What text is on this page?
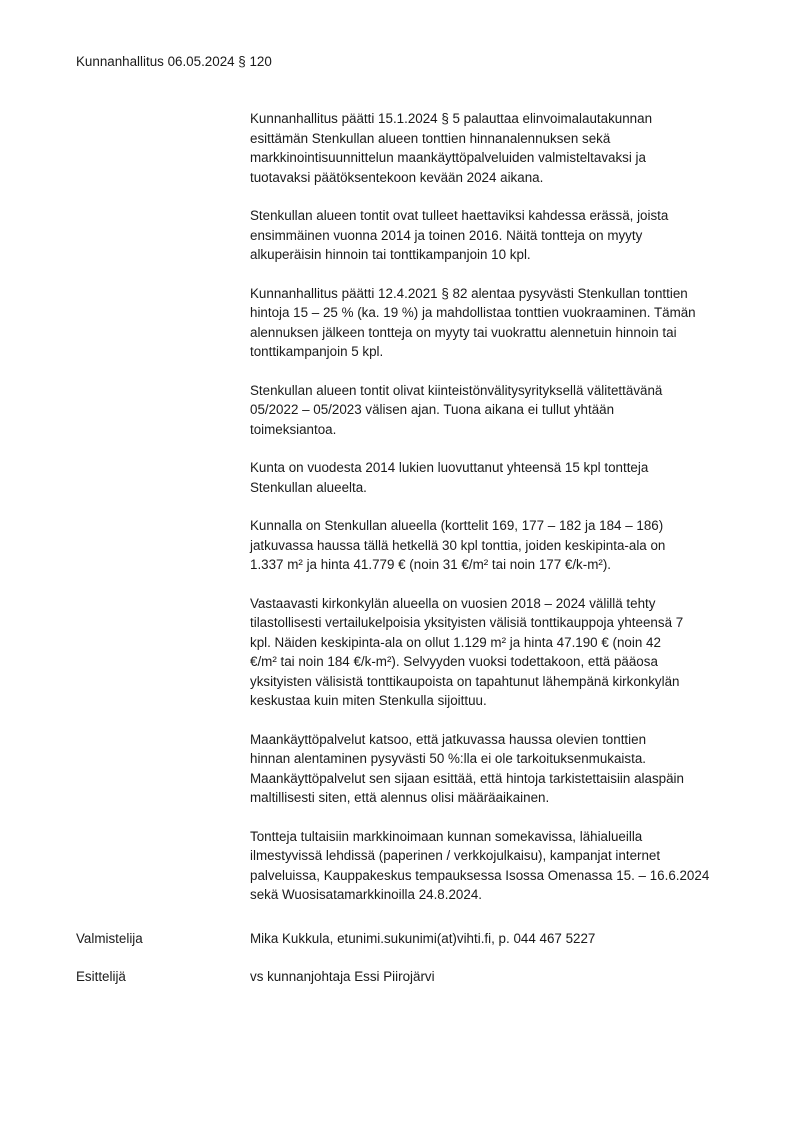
Kunnanhallitus 06.05.2024 § 120

Kunnanhallitus päätti 15.1.2024 § 5 palauttaa elinvoimalautakunnan
esittämän Stenkullan alueen tonttien hinnanalennuksen sekä
markkinointisuunnittelun maankäyttöpalveluiden valmisteltavaksi ja
tuotavaksi päätöksentekoon kevään 2024 aikana.

Stenkullan alueen tontit ovat tulleet haettaviksi kahdessa erässä, joista
ensimmäinen vuonna 2014 ja toinen 2016. Näitä tontteja on myyty
alkuperäisin hinnoin tai tonttikampanjoin 10 kpl.

Kunnanhallitus päätti 12.4.2021 § 82 alentaa pysyvästi Stenkullan tonttien
hintoja 15 – 25 % (ka. 19 %) ja mahdollistaa tonttien vuokraaminen. Tämän
alennuksen jälkeen tontteja on myyty tai vuokrattu alennetuin hinnoin tai
tonttikampanjoin 5 kpl.

Stenkullan alueen tontit olivat kiinteistönvälitysyrityksellä välitettävänä
05/2022 – 05/2023 välisen ajan. Tuona aikana ei tullut yhtään
toimeksiantoa.

Kunta on vuodesta 2014 lukien luovuttanut yhteensä 15 kpl tontteja
Stenkullan alueelta.

Kunnalla on Stenkullan alueella (korttelit 169, 177 – 182 ja 184 – 186)
jatkuvassa haussa tällä hetkellä 30 kpl tonttia, joiden keskipinta-ala on
1.337 m² ja hinta 41.779 € (noin 31 €/m² tai noin 177 €/k-m²).

Vastaavasti kirkonkylän alueella on vuosien 2018 – 2024 välillä tehty
tilastollisesti vertailukelpoisia yksityisten välisiä tonttikauppoja yhteensä 7
kpl. Näiden keskipinta-ala on ollut 1.129 m² ja hinta 47.190 € (noin 42
€/m² tai noin 184 €/k-m²). Selvyyden vuoksi todettakoon, että pääosa
yksityisten välisistä tonttikaupoista on tapahtunut lähempänä kirkonkylän
keskustaa kuin miten Stenkulla sijoittuu.

Maankäyttöpalvelut katsoo, että jatkuvassa haussa olevien tonttien
hinnan alentaminen pysyvästi 50 %:lla ei ole tarkoituksenmukaista.
Maankäyttöpalvelut sen sijaan esittää, että hintoja tarkistettaisiin alaspäin
maltillisesti siten, että alennus olisi määräaikainen.

Tontteja tultaisiin markkinoimaan kunnan somekavissa, lähialueilla
ilmestyvissä lehdissä (paperinen / verkkojulkaisu), kampanjat internet
palveluissa, Kauppakeskus tempauksessa Isossa Omenassa 15. – 16.6.2024
sekä Wuosisatamarkkinoilla 24.8.2024.

Valmistelija	Mika Kukkula, etunimi.sukunimi(at)vihti.fi, p. 044 467 5227
Esittelijä	vs kunnanjohtaja Essi Piirojärvi
